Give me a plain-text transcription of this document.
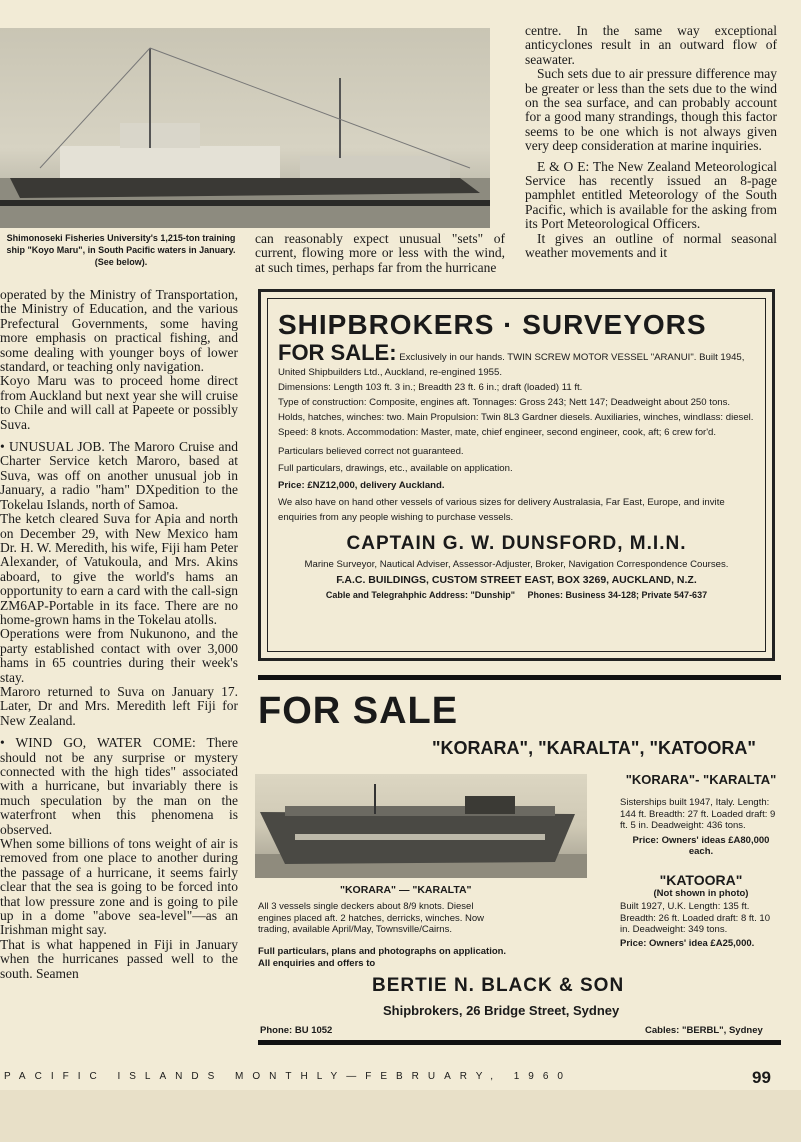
Shimonoseki Fisheries University's 1,215-ton training ship "Koyo Maru", in South Pacific waters in January. (See below).
can reasonably expect unusual "sets" of current, flowing more or less with the wind, at such times, perhaps far from the hurricane

centre. In the same way exceptional anticyclones result in an outward flow of seawater.

Such sets due to air pressure difference may be greater or less than the sets due to the wind on the sea surface, and can probably account for a good many strandings, though this factor seems to be one which is not always given very deep consideration at marine inquiries.

E & O E: The New Zealand Meteorological Service has recently issued an 8-page pamphlet entitled Meteorology of the South Pacific, which is available for the asking from its Port Meteorological Officers.

It gives an outline of normal seasonal weather movements and it

operated by the Ministry of Transportation, the Ministry of Education, and the various Prefectural Governments, some having more emphasis on practical fishing, and some dealing with younger boys of lower standard, or teaching only navigation.

Koyo Maru was to proceed home direct from Auckland but next year she will cruise to Chile and will call at Papeete or possibly Suva.

• UNUSUAL JOB. The Maroro Cruise and Charter Service ketch Maroro, based at Suva, was off on another unusual job in January, a radio "ham" DXpedition to the Tokelau Islands, north of Samoa.

The ketch cleared Suva for Apia and north on December 29, with New Mexico ham Dr. H. W. Meredith, his wife, Fiji ham Peter Alexander, of Vatukoula, and Mrs. Akins aboard, to give the world's hams an opportunity to earn a card with the call-sign ZM6AP-Portable in its face. There are no home-grown hams in the Tokelau atolls.

Operations were from Nukunono, and the party established contact with over 3,000 hams in 65 countries during their week's stay.

Maroro returned to Suva on January 17. Later, Dr and Mrs. Meredith left Fiji for New Zealand.

• WIND GO, WATER COME: There should not be any surprise or mystery connected with the high tides" associated with a hurricane, but invariably there is much speculation by the man on the waterfront when this phenomena is observed.

When some billions of tons weight of air is removed from one place to another during the passage of a hurricane, it seems fairly clear that the sea is going to be forced into that low pressure zone and is going to pile up in a dome "above sea-level"—as an Irishman might say.

That is what happened in Fiji in January when the hurricanes passed well to the south. Seamen

SHIPBROKERS · SURVEYORS
FOR SALE: Exclusively in our hands. TWIN SCREW MOTOR VESSEL "ARANUI". Built 1945, United Shipbuilders Ltd., Auckland, re-engined 1955.
Dimensions: Length 103 ft. 3 in.; Breadth 23 ft. 6 in.; draft (loaded) 11 ft.
Type of construction: Composite, engines aft. Tonnages: Gross 243; Nett 147; Deadweight about 250 tons. Holds, hatches, winches: two. Main Propulsion: Twin 8L3 Gardner diesels. Auxiliaries, winches, windlass: diesel. Speed: 8 knots. Accommodation: Master, mate, chief engineer, second engineer, cook, aft; 6 crew for'd.
Particulars believed correct not guaranteed.
Full particulars, drawings, etc., available on application.
Price: £NZ12,000, delivery Auckland.
We also have on hand other vessels of various sizes for delivery Australasia, Far East, Europe, and invite enquiries from any people wishing to purchase vessels.
CAPTAIN G. W. DUNSFORD, M.I.N.
Marine Surveyor, Nautical Adviser, Assessor-Adjuster, Broker, Navigation Correspondence Courses.
F.A.C. BUILDINGS, CUSTOM STREET EAST, BOX 3269, AUCKLAND, N.Z.
Cable and Telegrahphic Address: "Dunship"     Phones: Business 34-128; Private 547-637
FOR SALE
"KORARA", "KARALTA", "KATOORA"
"KORARA" — "KARALTA"
All 3 vessels single deckers about 8/9 knots. Diesel engines placed aft. 2 hatches, derricks, winches. Now trading, available April/May, Townsville/Cairns.
Full particulars, plans and photographs on application.
All enquiries and offers to
"KORARA"- "KARALTA"
Sisterships built 1947, Italy. Length: 144 ft. Breadth: 27 ft. Loaded draft: 9 ft. 5 in. Deadweight: 436 tons.
Price: Owners' ideas £A80,000 each.
"KATOORA"
(Not shown in photo)
Built 1927, U.K. Length: 135 ft. Breadth: 26 ft. Loaded draft: 8 ft. 10 in. Deadweight: 349 tons.
Price: Owners' idea £A25,000.
BERTIE N. BLACK & SON
Shipbrokers, 26 Bridge Street, Sydney
Phone: BU 1052	Cables: "BERBL", Sydney
PACIFIC ISLANDS MONTHLY—FEBRUARY, 1960	99
